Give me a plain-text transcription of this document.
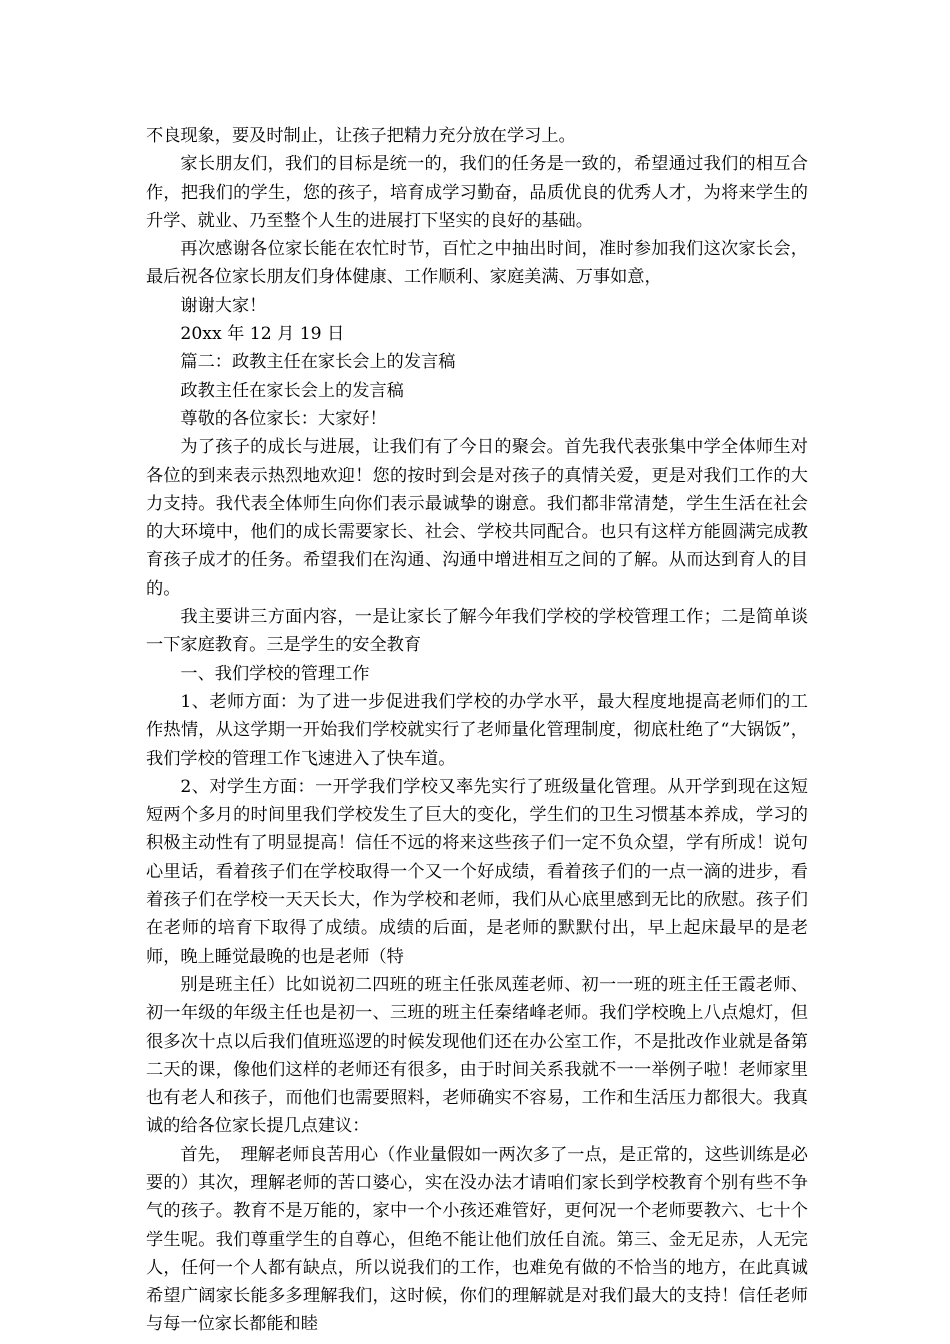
不良现象，要及时制止，让孩子把精力充分放在学习上。

家长朋友们，我们的目标是统一的，我们的任务是一致的，希望通过我们的相互合作，把我们的学生，您的孩子，培育成学习勤奋，品质优良的优秀人才，为将来学生的升学、就业、乃至整个人生的进展打下坚实的良好的基础。

再次感谢各位家长能在农忙时节，百忙之中抽出时间，准时参加我们这次家长会，最后祝各位家长朋友们身体健康、工作顺利、家庭美满、万事如意，

谢谢大家！

20xx 年 12 月 19 日

篇二：政教主任在家长会上的发言稿

政教主任在家长会上的发言稿

尊敬的各位家长：大家好！

为了孩子的成长与进展，让我们有了今日的聚会。首先我代表张集中学全体师生对各位的到来表示热烈地欢迎！您的按时到会是对孩子的真情关爱，更是对我们工作的大力支持。我代表全体师生向你们表示最诚挚的谢意。我们都非常清楚，学生生活在社会的大环境中，他们的成长需要家长、社会、学校共同配合。也只有这样方能圆满完成教育孩子成才的任务。希望我们在沟通、沟通中增进相互之间的了解。从而达到育人的目的。

我主要讲三方面内容，一是让家长了解今年我们学校的学校管理工作；二是简单谈一下家庭教育。三是学生的安全教育

一、我们学校的管理工作

1、老师方面：为了进一步促进我们学校的办学水平，最大程度地提高老师们的工作热情，从这学期一开始我们学校就实行了老师量化管理制度，彻底杜绝了“大锅饭”，我们学校的管理工作飞速进入了快车道。

2、对学生方面：一开学我们学校又率先实行了班级量化管理。从开学到现在这短短两个多月的时间里我们学校发生了巨大的变化，学生们的卫生习惯基本养成，学习的积极主动性有了明显提高！信任不远的将来这些孩子们一定不负众望，学有所成！说句心里话，看着孩子们在学校取得一个又一个好成绩，看着孩子们的一点一滴的进步，看着孩子们在学校一天天长大，作为学校和老师，我们从心底里感到无比的欣慰。孩子们在老师的培育下取得了成绩。成绩的后面，是老师的默默付出，早上起床最早的是老师，晚上睡觉最晚的也是老师（特

别是班主任）比如说初二四班的班主任张凤莲老师、初一一班的班主任王霞老师、初一年级的年级主任也是初一、三班的班主任秦绪峰老师。我们学校晚上八点熄灯，但很多次十点以后我们值班巡逻的时候发现他们还在办公室工作，不是批改作业就是备第二天的课，像他们这样的老师还有很多，由于时间关系我就不一一举例子啦！老师家里也有老人和孩子，而他们也需要照料，老师确实不容易，工作和生活压力都很大。我真诚的给各位家长提几点建议：

首先，　理解老师良苦用心（作业量假如一两次多了一点，是正常的，这些训练是必要的）其次，理解老师的苦口婆心，实在没办法才请咱们家长到学校教育个别有些不争气的孩子。教育不是万能的，家中一个小孩还难管好，更何况一个老师要教六、七十个学生呢。我们尊重学生的自尊心，但绝不能让他们放任自流。第三、金无足赤，人无完人，任何一个人都有缺点，所以说我们的工作，也难免有做的不恰当的地方，在此真诚希望广阔家长能多多理解我们，这时候，你们的理解就是对我们最大的支持！信任老师与每一位家长都能和睦
